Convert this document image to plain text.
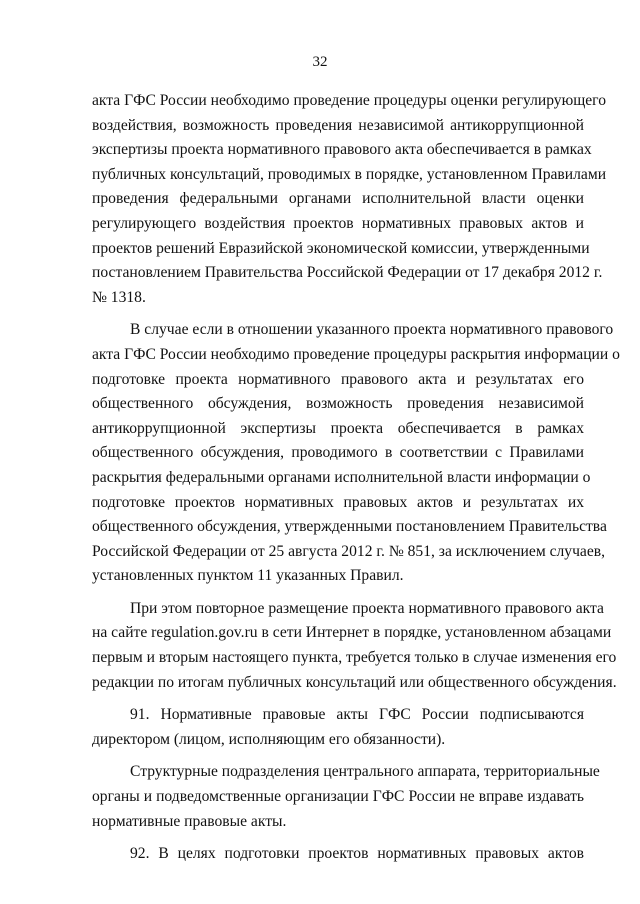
32

акта ГФС России необходимо проведение процедуры оценки регулирующего
воздействия, возможность проведения независимой антикоррупционной
экспертизы проекта нормативного правового акта обеспечивается в рамках
публичных консультаций, проводимых в порядке, установленном Правилами
проведения федеральными органами исполнительной власти оценки
регулирующего воздействия проектов нормативных правовых актов и
проектов решений Евразийской экономической комиссии, утвержденными
постановлением Правительства Российской Федерации от 17 декабря 2012 г.
№ 1318.

В случае если в отношении указанного проекта нормативного правового
акта ГФС России необходимо проведение процедуры раскрытия информации о
подготовке проекта нормативного правового акта и результатах его
общественного обсуждения, возможность проведения независимой
антикоррупционной экспертизы проекта обеспечивается в рамках
общественного обсуждения, проводимого в соответствии с Правилами
раскрытия федеральными органами исполнительной власти информации о
подготовке проектов нормативных правовых актов и результатах их
общественного обсуждения, утвержденными постановлением Правительства
Российской Федерации от 25 августа 2012 г. № 851, за исключением случаев,
установленных пунктом 11 указанных Правил.

При этом повторное размещение проекта нормативного правового акта
на сайте regulation.gov.ru в сети Интернет в порядке, установленном абзацами
первым и вторым настоящего пункта, требуется только в случае изменения его
редакции по итогам публичных консультаций или общественного обсуждения.

91. Нормативные правовые акты ГФС России подписываются
директором (лицом, исполняющим его обязанности).

Структурные подразделения центрального аппарата, территориальные
органы и подведомственные организации ГФС России не вправе издавать
нормативные правовые акты.

92. В целях подготовки проектов нормативных правовых актов
